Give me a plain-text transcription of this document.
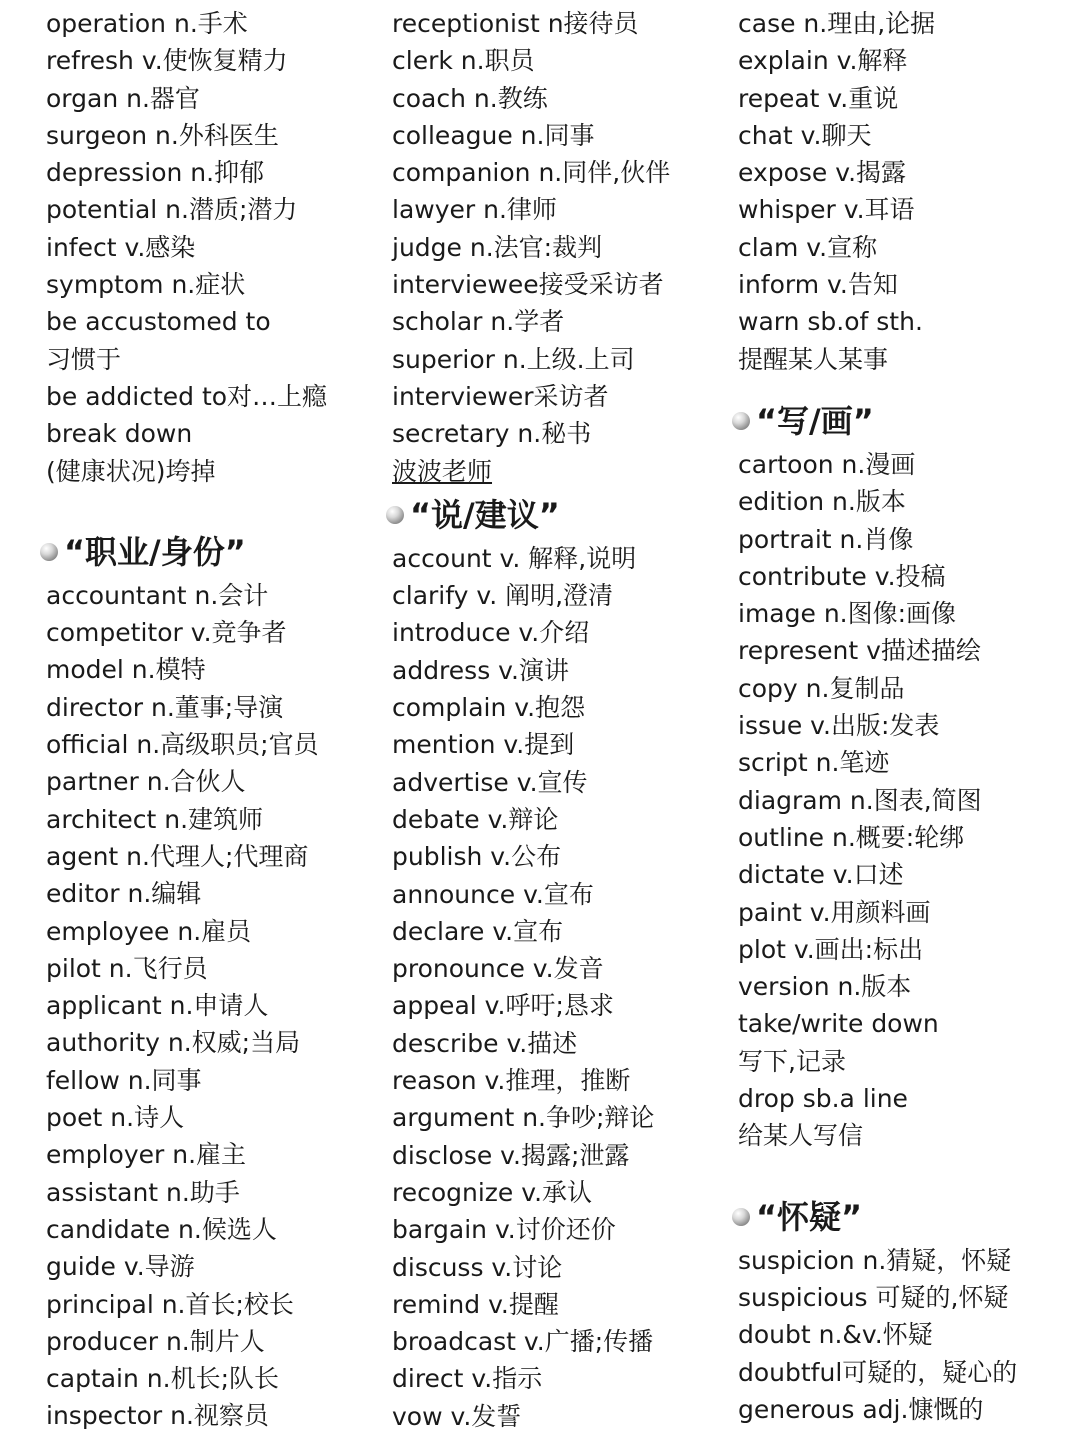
operation n.手术
refresh v.使恢复精力
organ n.器官
surgeon n.外科医生
depression n.抑郁
potential n.潜质;潜力
infect v.感染
symptom n.症状
be accustomed to
习惯于
be addicted to对…上瘾
break down
(健康状况)垮掉
“职业/身份”
accountant n.会计
competitor v.竞争者
model n.模特
director n.董事;导演
official n.高级职员;官员
partner n.合伙人
architect n.建筑师
agent n.代理人;代理商
editor n.编辑
employee n.雇员
pilot n.飞行员
applicant n.申请人
authority n.权威;当局
fellow n.同事
poet n.诗人
employer n.雇主
assistant n.助手
candidate n.候选人
guide v.导游
principal n.首长;校长
producer n.制片人
captain n.机长;队长
inspector n.视察员
receptionist n接待员
clerk n.职员
coach n.教练
colleague n.同事
companion n.同伴,伙伴
lawyer n.律师
judge n.法官:裁判
interviewee接受采访者
scholar n.学者
superior n.上级.上司
interviewer采访者
secretary n.秘书
波波老师
“说/建议”
account v. 解释,说明
clarify v. 阐明,澄清
introduce v.介绍
address v.演讲
complain v.抱怨
mention v.提到
advertise v.宣传
debate v.辩论
publish v.公布
announce v.宣布
declare v.宣布
pronounce v.发音
appeal v.呼吁;恳求
describe v.描述
reason v.推理，推断
argument n.争吵;辩论
disclose v.揭露;泄露
recognize v.承认
bargain v.讨价还价
discuss v.讨论
remind v.提醒
broadcast v.广播;传播
direct v.指示
vow v.发誓
case n.理由,论据
explain v.解释
repeat v.重说
chat v.聊天
expose v.揭露
whisper v.耳语
clam v.宣称
inform v.告知
warn sb.of sth.
提醒某人某事
“写/画”
cartoon n.漫画
edition n.版本
portrait n.肖像
contribute v.投稿
image n.图像:画像
represent v描述描绘
copy n.复制品
issue v.出版:发表
script n.笔迹
diagram n.图表,简图
outline n.概要:轮绑
dictate v.口述
paint v.用颜料画
plot v.画出:标出
version n.版本
take/write down
写下,记录
drop sb.a line
给某人写信
“怀疑”
suspicion n.猜疑，怀疑
suspicious 可疑的,怀疑
doubt n.&v.怀疑
doubtful可疑的，疑心的
generous adj.慷慨的
